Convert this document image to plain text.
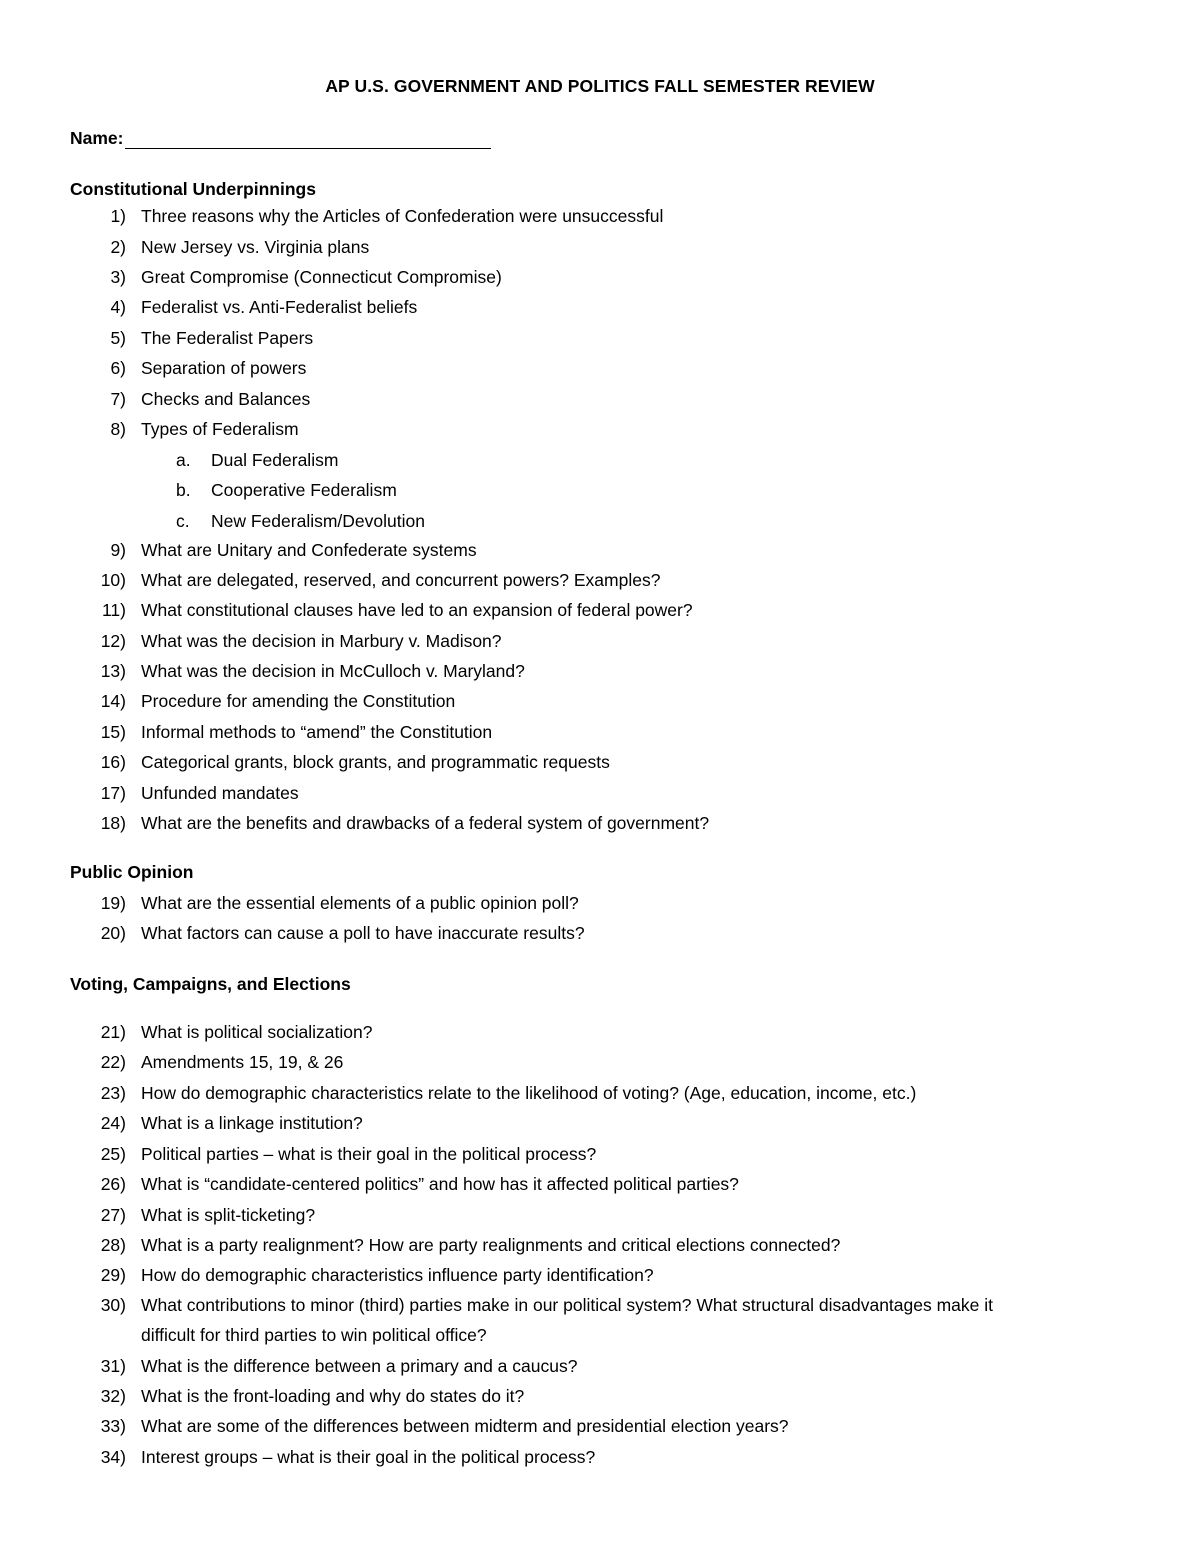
AP U.S. GOVERNMENT AND POLITICS FALL SEMESTER REVIEW
Name:
Constitutional Underpinnings
Public Opinion
Voting, Campaigns, and Elections
1) Three reasons why the Articles of Confederation were unsuccessful
2) New Jersey vs. Virginia plans
3) Great Compromise (Connecticut Compromise)
4) Federalist vs. Anti-Federalist beliefs
5) The Federalist Papers
6) Separation of powers
7) Checks and Balances
8) Types of Federalism
a. Dual Federalism
b. Cooperative Federalism
c. New Federalism/Devolution
9) What are Unitary and Confederate systems
10) What are delegated, reserved, and concurrent powers? Examples?
11) What constitutional clauses have led to an expansion of federal power?
12) What was the decision in Marbury v. Madison?
13) What was the decision in McCulloch v. Maryland?
14) Procedure for amending the Constitution
15) Informal methods to “amend” the Constitution
16) Categorical grants, block grants, and programmatic requests
17) Unfunded mandates
18) What are the benefits and drawbacks of a federal system of government?
19) What are the essential elements of a public opinion poll?
20) What factors can cause a poll to have inaccurate results?
21) What is political socialization?
22) Amendments 15, 19, & 26
23) How do demographic characteristics relate to the likelihood of voting? (Age, education, income, etc.)
24) What is a linkage institution?
25) Political parties – what is their goal in the political process?
26) What is “candidate-centered politics” and how has it affected political parties?
27) What is split-ticketing?
28) What is a party realignment? How are party realignments and critical elections connected?
29) How do demographic characteristics influence party identification?
30) What contributions to minor (third) parties make in our political system? What structural disadvantages make it
difficult for third parties to win political office?
31) What is the difference between a primary and a caucus?
32) What is the front-loading and why do states do it?
33) What are some of the differences between midterm and presidential election years?
34) Interest groups – what is their goal in the political process?
